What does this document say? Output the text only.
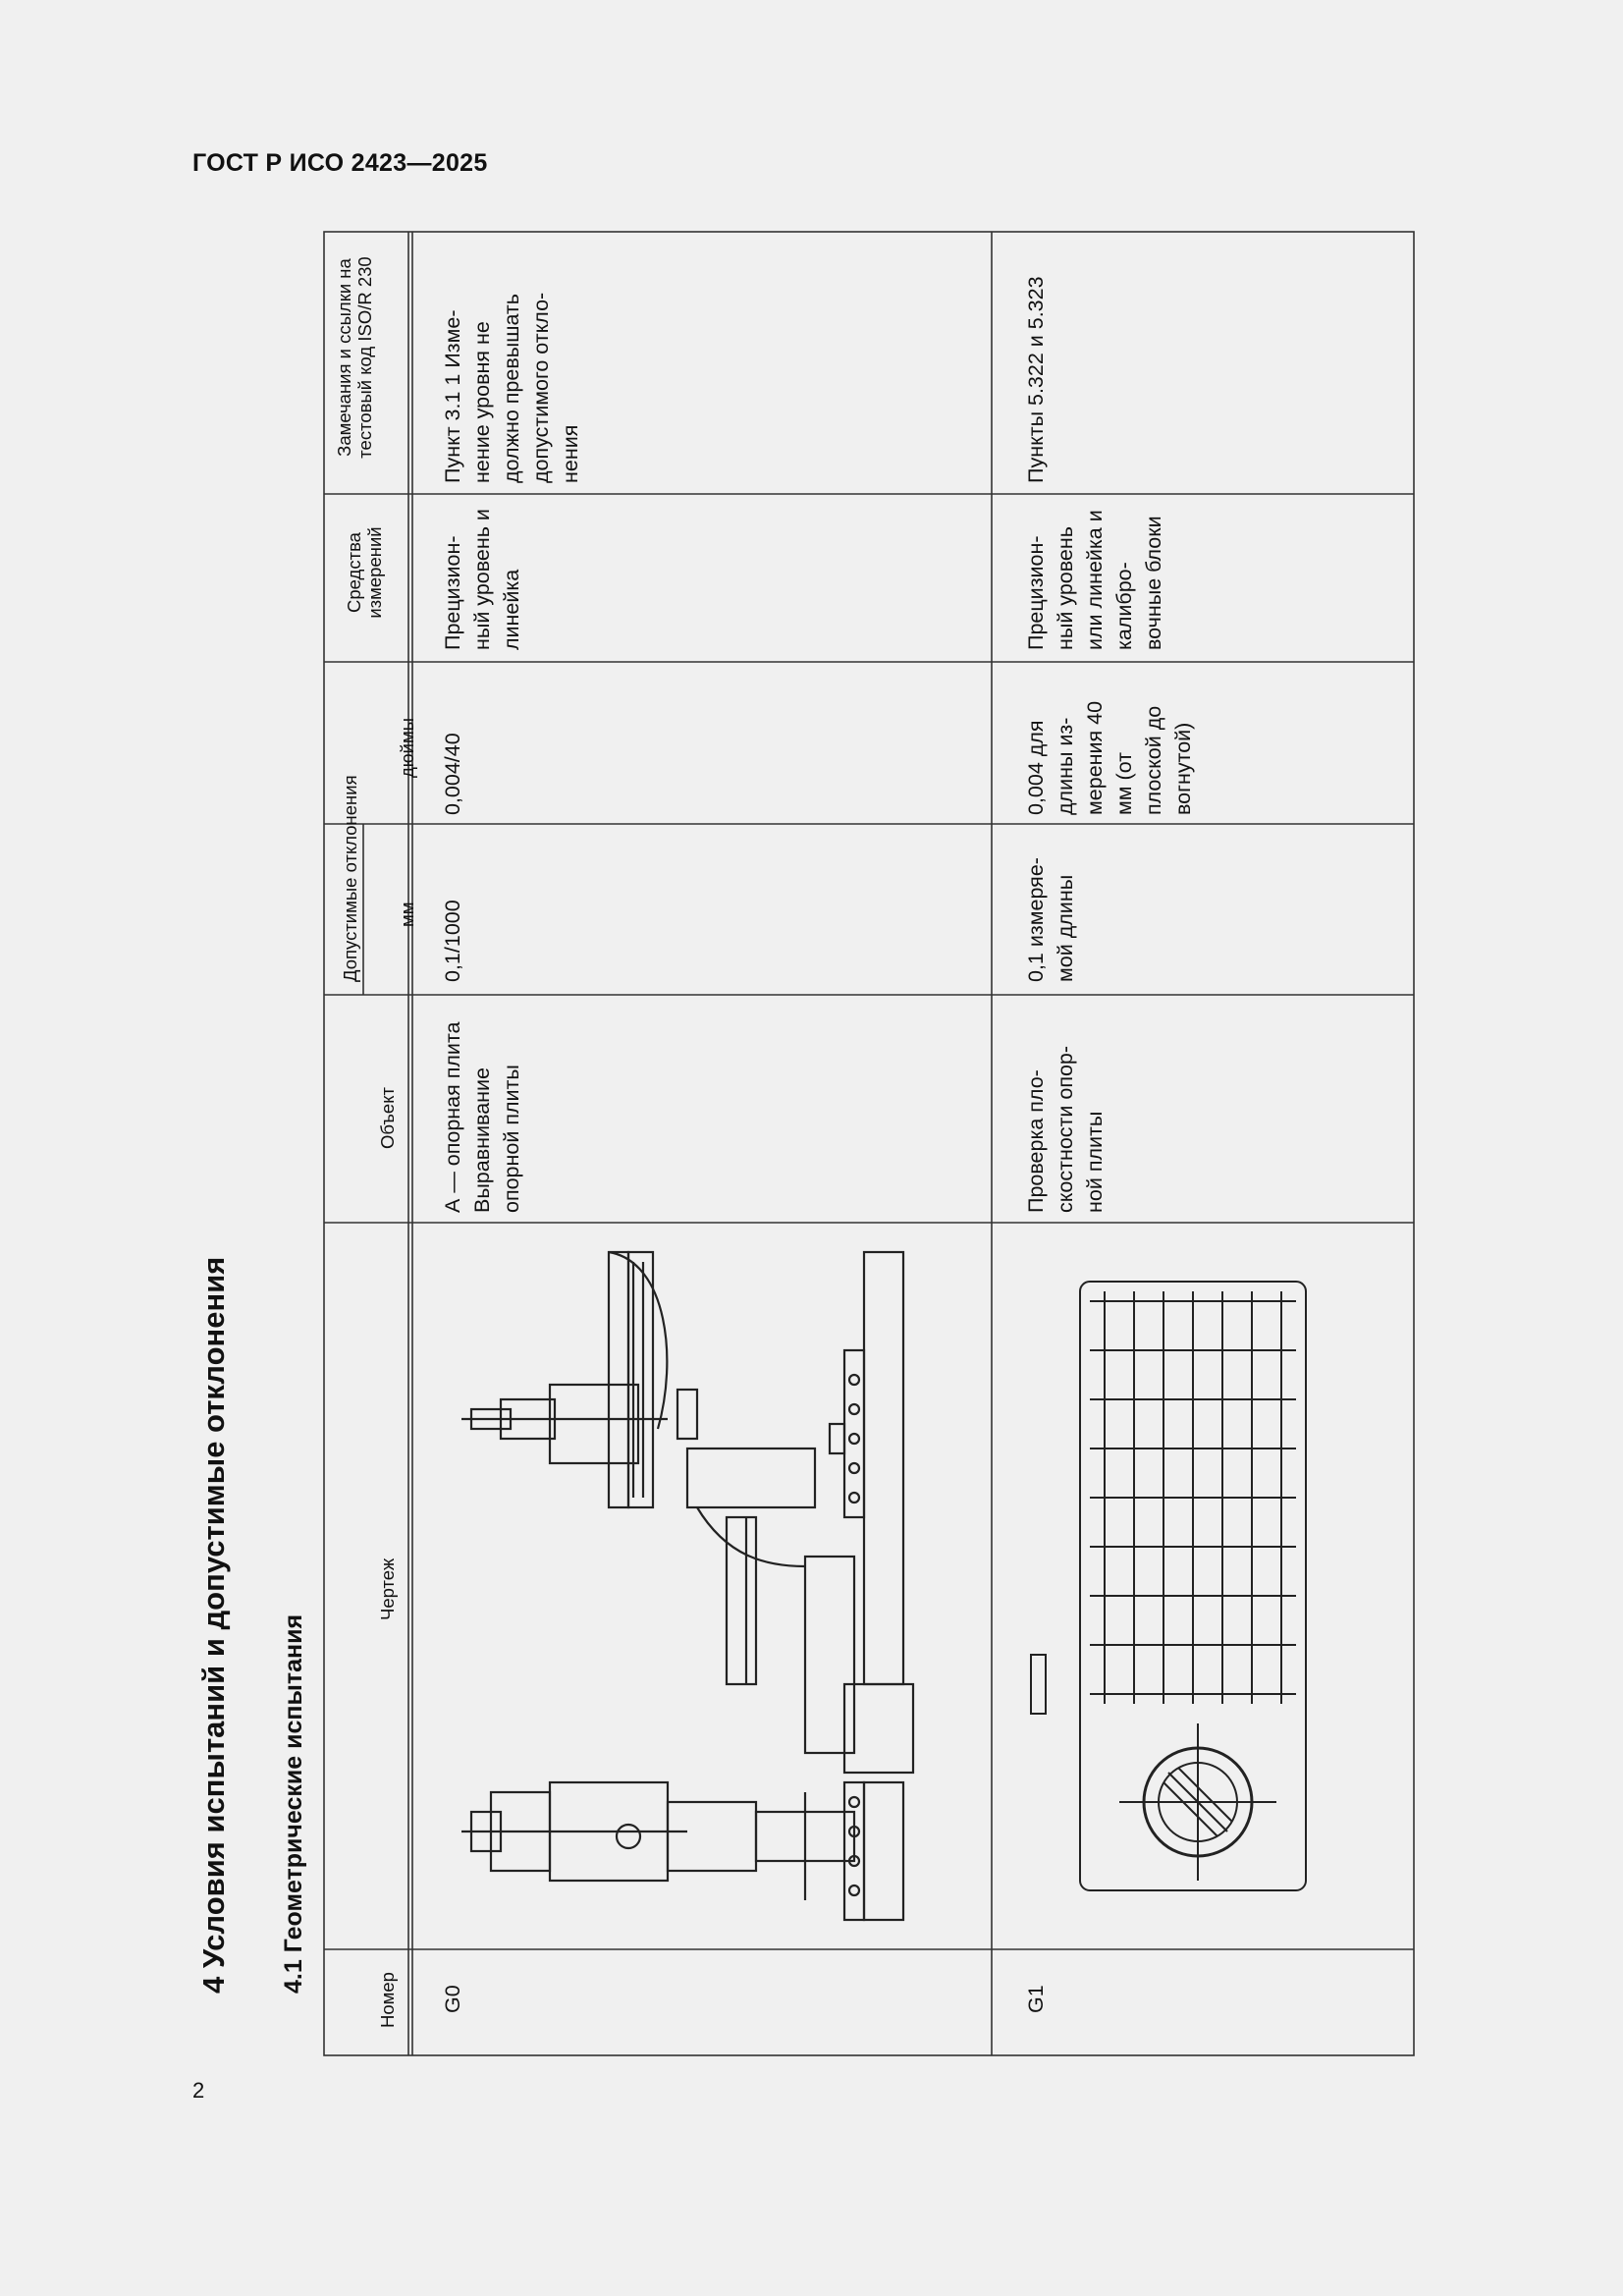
ГОСТ Р ИСО 2423—2025
2
4 Условия испытаний и допустимые отклонения 4.1 Геометрические испытания
Номер
Чертеж
Объект
Допустимые отклонения мм
дюймы
Средства измерений
Замечания и ссылки на тестовый код ISO/R 230
G0
А — опорная плита Выравнивание опорной плиты
0,1/1000
0,004/40
Прецизион-ный уровень и линейка
Пункт 3.1 1 Изме-нение уровня не должно превышать допустимого откло-нения
G1
Проверка пло-скостности опор-ной плиты
0,1 измеряе-мой длины
0,004 для длины из-мерения 40 мм (от плоской до вогнутой)
Прецизион-ный уровень или линейка и калибро-вочные блоки
Пункты 5.322 и 5.323
